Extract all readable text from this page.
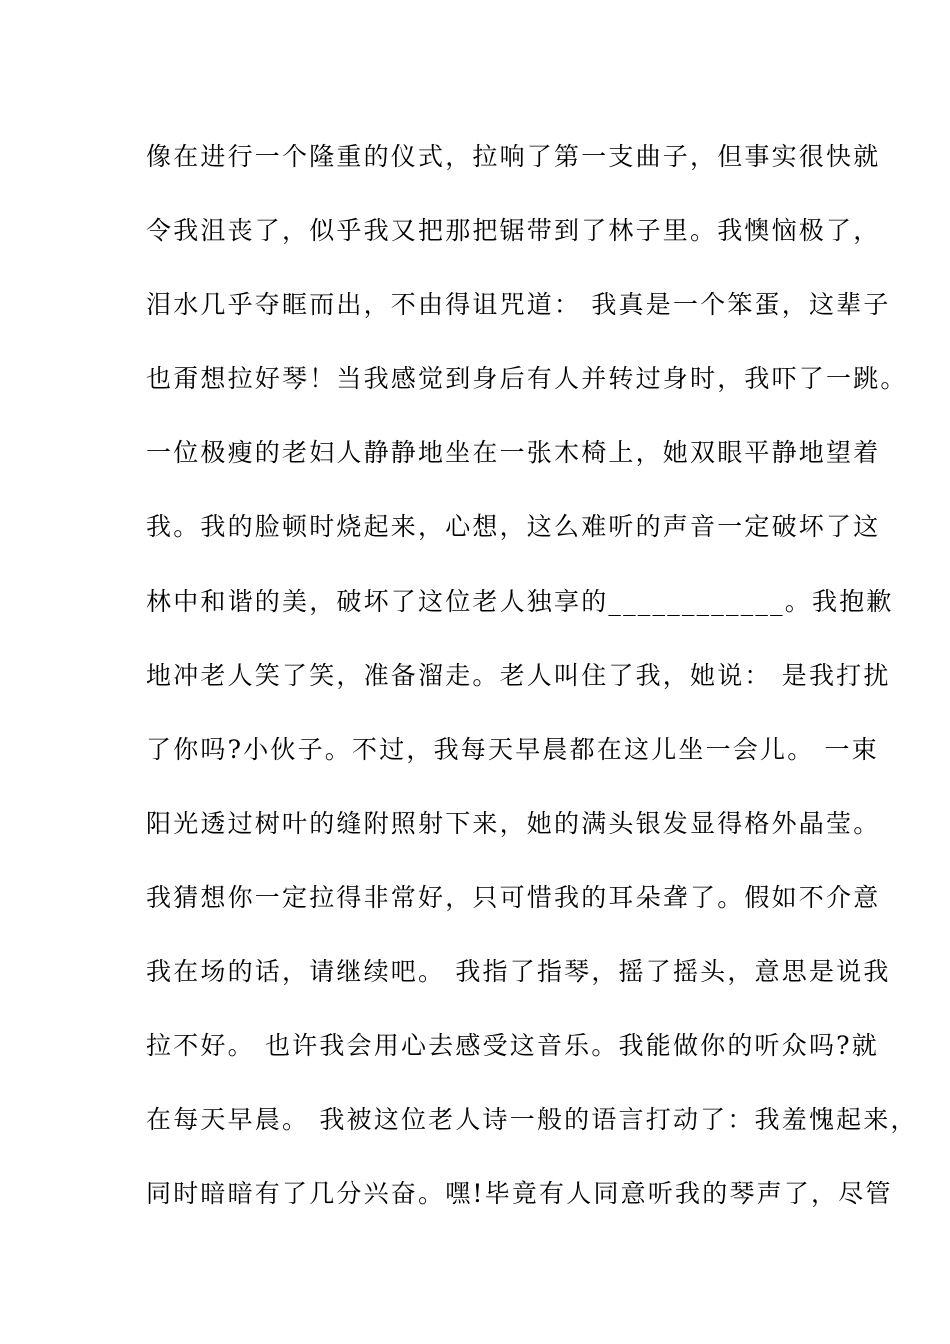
像在进行一个隆重的仪式，拉响了第一支曲子，但事实很快就
令我沮丧了，似乎我又把那把锯带到了林子里。我懊恼极了，
泪水几乎夺眶而出，不由得诅咒道： 我真是一个笨蛋，这辈子
也甭想拉好琴！当我感觉到身后有人并转过身时，我吓了一跳。
一位极瘦的老妇人静静地坐在一张木椅上，她双眼平静地望着
我。我的脸顿时烧起来，心想，这么难听的声音一定破坏了这
林中和谐的美，破坏了这位老人独享的____________。我抱歉
地冲老人笑了笑，准备溜走。老人叫住了我，她说： 是我打扰
了你吗?小伙子。不过，我每天早晨都在这儿坐一会儿。 一束
阳光透过树叶的缝附照射下来，她的满头银发显得格外晶莹。
我猜想你一定拉得非常好，只可惜我的耳朵聋了。假如不介意
我在场的话，请继续吧。 我指了指琴，摇了摇头，意思是说我
拉不好。 也许我会用心去感受这音乐。我能做你的听众吗?就
在每天早晨。 我被这位老人诗一般的语言打动了：我羞愧起来，
同时暗暗有了几分兴奋。嘿!毕竟有人同意听我的琴声了，尽管
